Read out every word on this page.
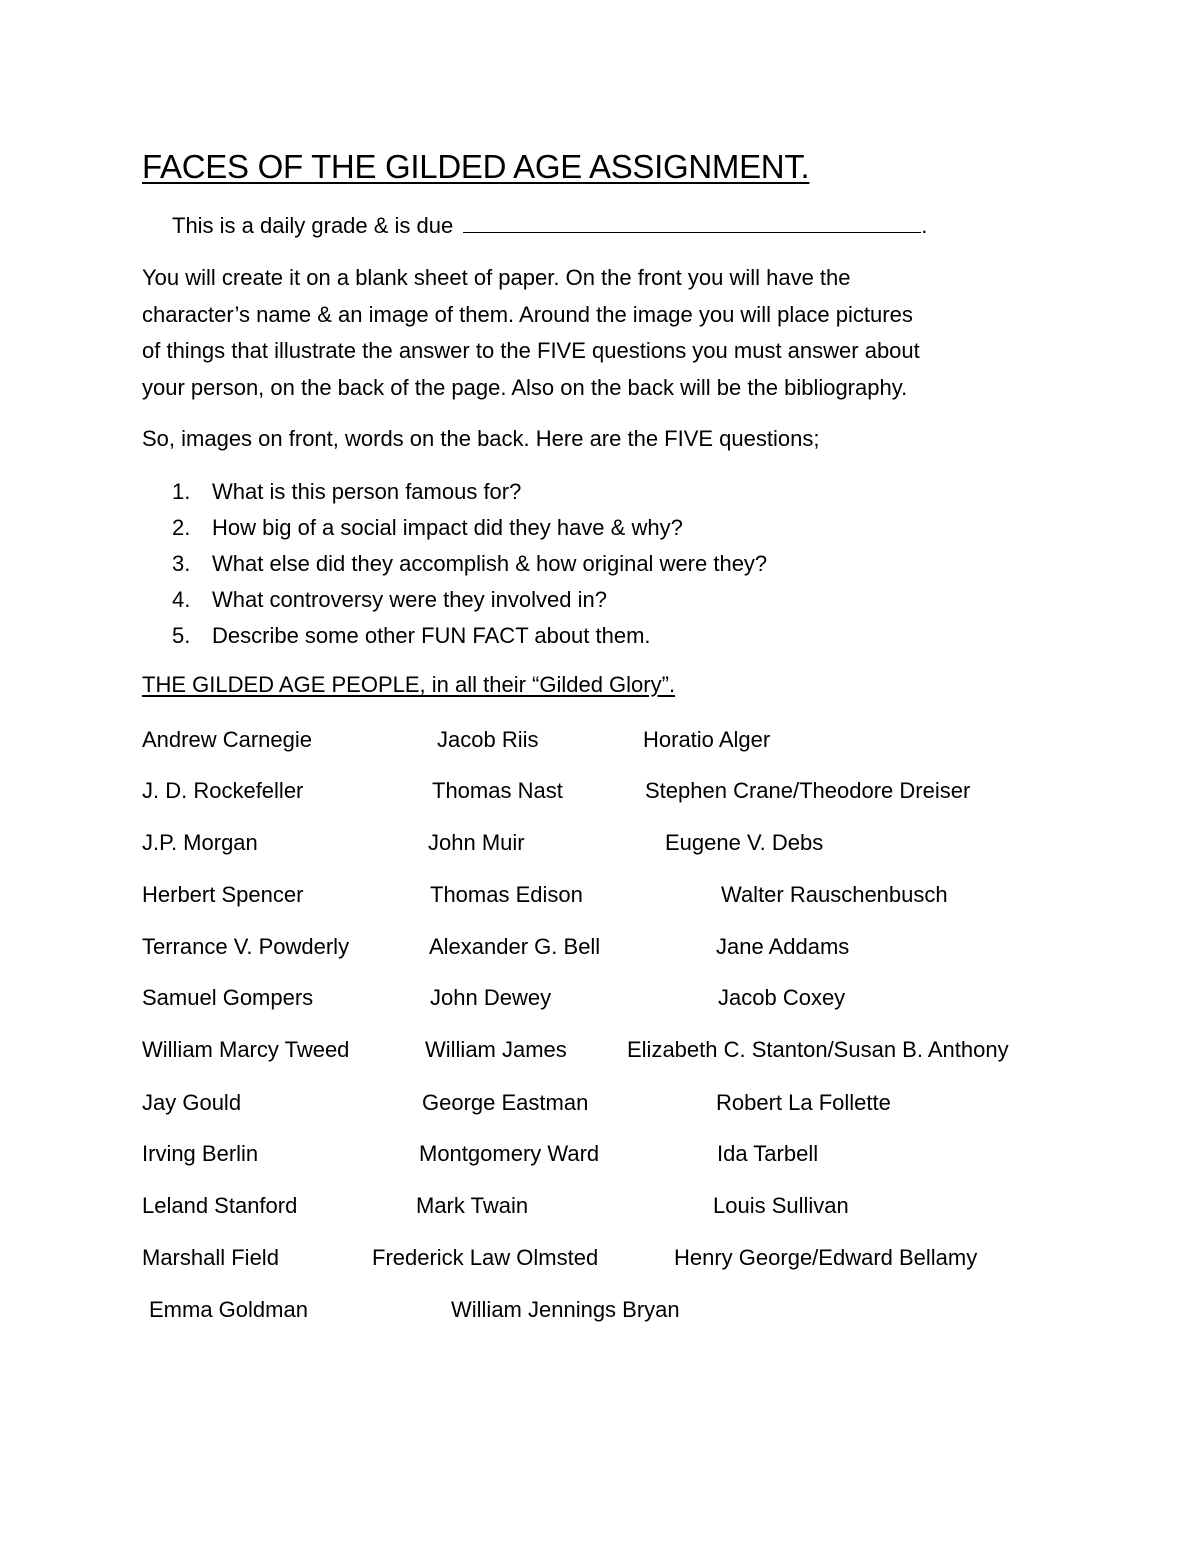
FACES OF THE GILDED AGE ASSIGNMENT.
This is a daily grade & is due	.
You will create it on a blank sheet of paper. On the front you will have the
character’s name & an image of them. Around the image you will place pictures
of things that illustrate the answer to the FIVE questions you must answer about
your person, on the back of the page. Also on the back will be the bibliography.
So, images on front, words on the back. Here are the FIVE questions;
1. What is this person famous for?
2. How big of a social impact did they have & why?
3. What else did they accomplish & how original were they?
4. What controversy were they involved in?
5. Describe some other FUN FACT about them.
THE GILDED AGE PEOPLE, in all their “Gilded Glory”.
Andrew Carnegie	Jacob Riis	Horatio Alger
J. D. Rockefeller	Thomas Nast	Stephen Crane/Theodore Dreiser
J.P. Morgan	John Muir	Eugene V. Debs
Herbert Spencer	Thomas Edison	Walter Rauschenbusch
Terrance V. Powderly	Alexander G. Bell	Jane Addams
Samuel Gompers	John Dewey	Jacob Coxey
William Marcy Tweed	William James	Elizabeth C. Stanton/Susan B. Anthony
Jay Gould	George Eastman	Robert La Follette
Irving Berlin	Montgomery Ward	Ida Tarbell
Leland Stanford	Mark Twain	Louis Sullivan
Marshall Field	Frederick Law Olmsted	Henry George/Edward Bellamy
Emma Goldman	William Jennings Bryan
